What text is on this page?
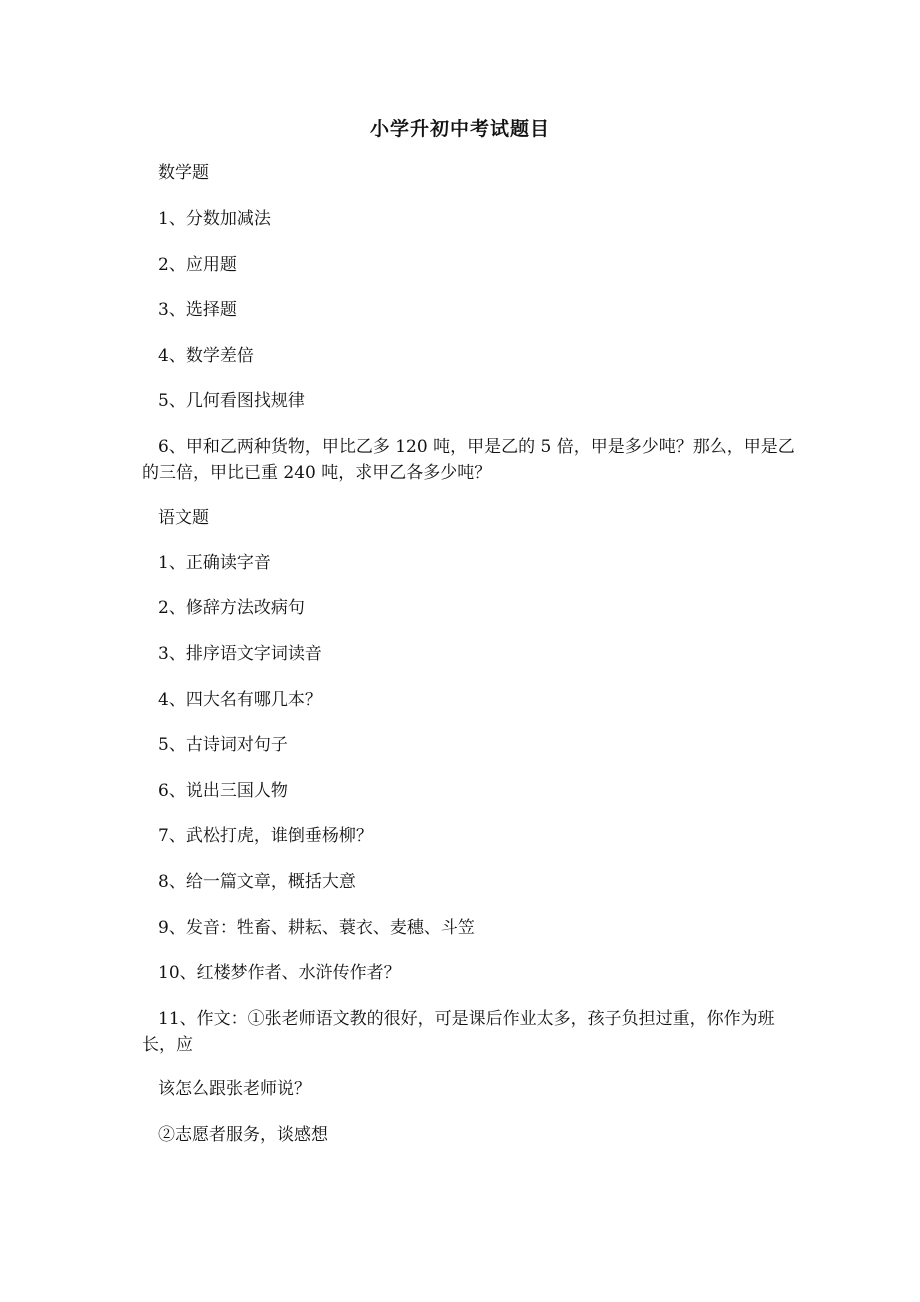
小学升初中考试题目
数学题
1、分数加减法
2、应用题
3、选择题
4、数学差倍
5、几何看图找规律
6、甲和乙两种货物，甲比乙多 120 吨，甲是乙的 5 倍，甲是多少吨？那么，甲是乙的三倍，甲比已重 240 吨，求甲乙各多少吨？
语文题
1、正确读字音
2、修辞方法改病句
3、排序语文字词读音
4、四大名有哪几本？
5、古诗词对句子
6、说出三国人物
7、武松打虎，谁倒垂杨柳？
8、给一篇文章，概括大意
9、发音：牲畜、耕耘、蓑衣、麦穗、斗笠
10、红楼梦作者、水浒传作者？
11、作文：①张老师语文教的很好，可是课后作业太多，孩子负担过重，你作为班长，应
该怎么跟张老师说？
②志愿者服务，谈感想
